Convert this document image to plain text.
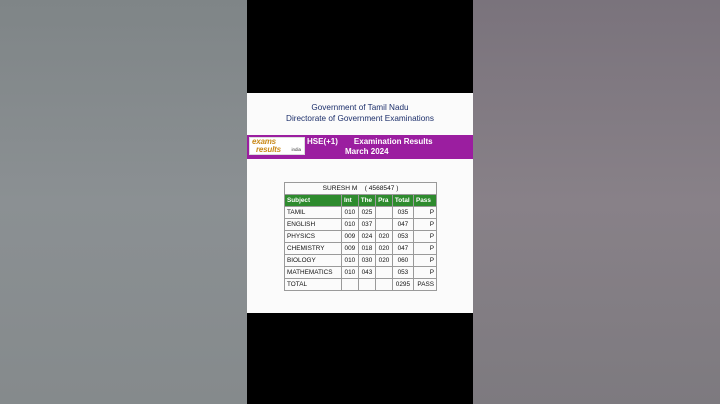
Government of Tamil Nadu
Directorate of Government Examinations
exams
results india
HSE(+1) Examination Results
March 2024
SURESH M ( 4568547 )					
Subject	Int	The	Pra	Total	Pass
TAMIL	010	025		035	P
ENGLISH	010	037		047	P
PHYSICS	009	024	020	053	P
CHEMISTRY	009	018	020	047	P
BIOLOGY	010	030	020	060	P
MATHEMATICS	010	043		053	P
TOTAL				0295	PASS
